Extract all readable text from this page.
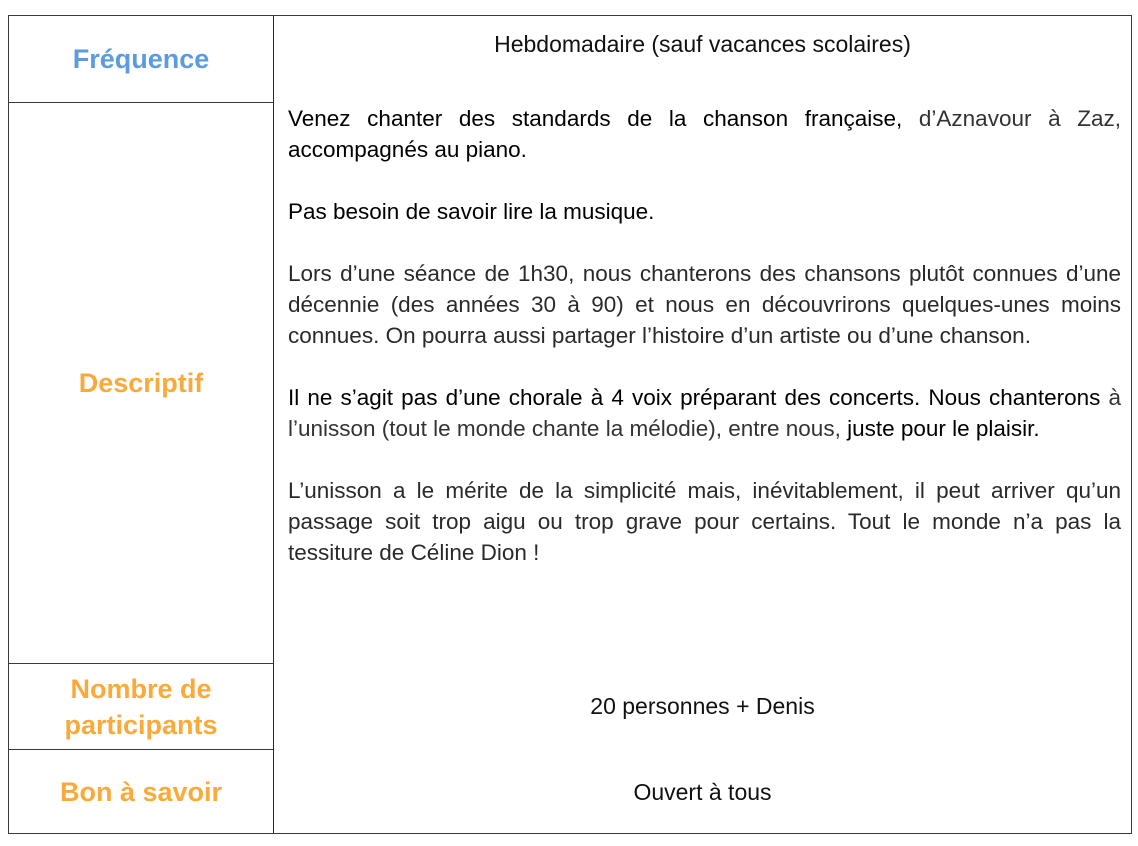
Fréquence
Descriptif
Nombre de
participants
Bon à savoir
Hebdomadaire (sauf vacances scolaires)

Venez chanter des standards de la chanson française, d’Aznavour à Zaz, accompagnés au piano.

Pas besoin de savoir lire la musique.

Lors d’une séance de 1h30, nous chanterons des chansons plutôt connues d’une décennie (des années 30 à 90) et nous en découvrirons quelques-unes moins connues. On pourra aussi partager l’histoire d’un artiste ou d’une chanson.

Il ne s’agit pas d’une chorale à 4 voix préparant des concerts. Nous chanterons à l’unisson (tout le monde chante la mélodie), entre nous, juste pour le plaisir.

L’unisson a le mérite de la simplicité mais, inévitablement, il peut arriver qu’un passage soit trop aigu ou trop grave pour certains. Tout le monde n’a pas la tessiture de Céline Dion !

20 personnes + Denis
Ouvert à tous
